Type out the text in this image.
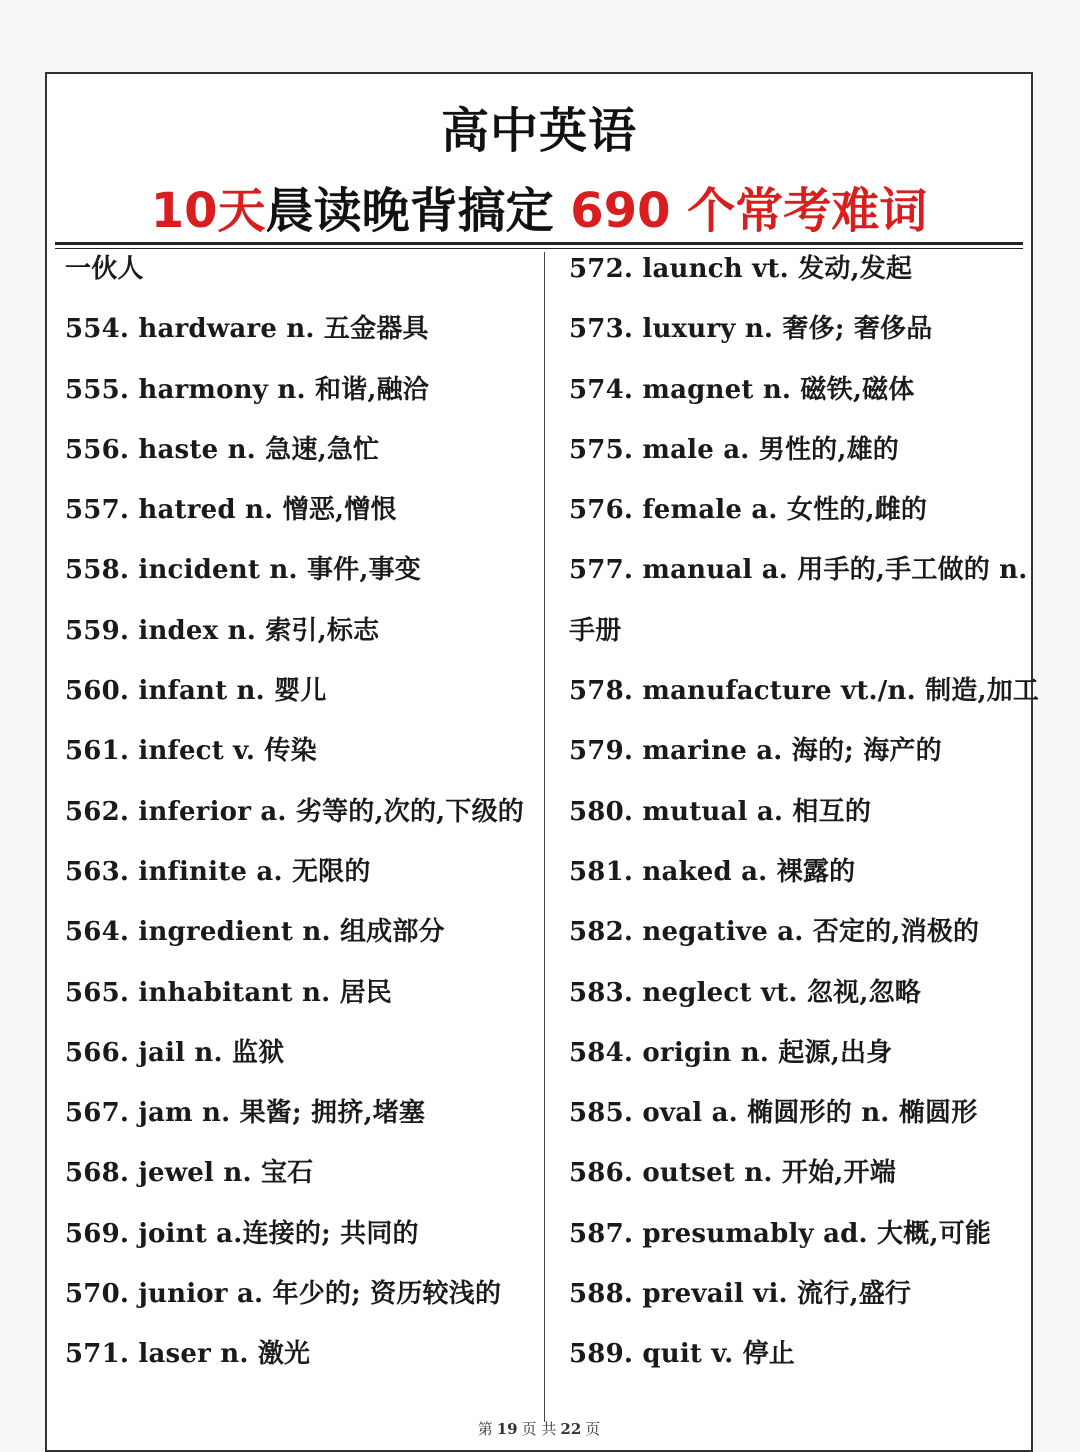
高中英语
10天晨读晚背搞定 690 个常考难词
一伙人
554. hardware n. 五金器具
555. harmony n. 和谐,融洽
556. haste n. 急速,急忙
557. hatred n. 憎恶,憎恨
558. incident n. 事件,事变
559. index n. 索引,标志
560. infant n. 婴儿
561. infect v. 传染
562. inferior a. 劣等的,次的,下级的
563. infinite a. 无限的
564. ingredient n. 组成部分
565. inhabitant n. 居民
566. jail n. 监狱
567. jam n. 果酱; 拥挤,堵塞
568. jewel n. 宝石
569. joint a.连接的; 共同的
570. junior a. 年少的; 资历较浅的
571. laser n. 激光
572. launch vt. 发动,发起
573. luxury n. 奢侈; 奢侈品
574. magnet n. 磁铁,磁体
575. male a. 男性的,雄的
576. female a. 女性的,雌的
577. manual a. 用手的,手工做的 n.
手册
578. manufacture vt./n. 制造,加工
579. marine a. 海的; 海产的
580. mutual a. 相互的
581. naked a. 裸露的
582. negative a. 否定的,消极的
583. neglect vt. 忽视,忽略
584. origin n. 起源,出身
585. oval a. 椭圆形的 n. 椭圆形
586. outset n. 开始,开端
587. presumably ad. 大概,可能
588. prevail vi. 流行,盛行
589. quit v. 停止
第 19 页 共 22 页
